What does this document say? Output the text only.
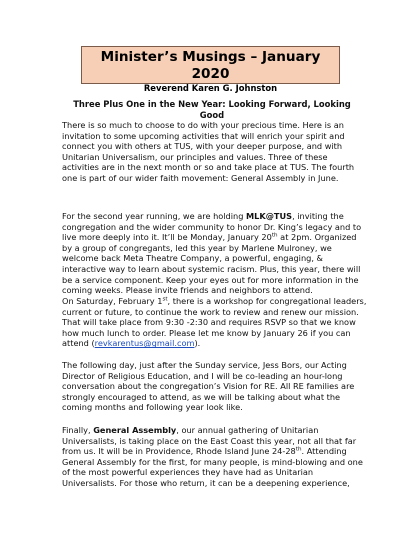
Minister’s Musings – January 2020
Reverend Karen G. Johnston
Three Plus One in the New Year: Looking Forward, Looking Good
There is so much to choose to do with your precious time. Here is an
invitation to some upcoming activities that will enrich your spirit and
connect you with others at TUS, with your deeper purpose, and with
Unitarian Universalism, our principles and values. Three of these
activities are in the next month or so and take place at TUS. The fourth
one is part of our wider faith movement: General Assembly in June.
For the second year running, we are holding MLK@TUS, inviting the
congregation and the wider community to honor Dr. King’s legacy and to
live more deeply into it. It’ll be Monday, January 20th at 2pm. Organized
by a group of congregants, led this year by Marlene Mulroney, we
welcome back Meta Theatre Company, a powerful, engaging, &
interactive way to learn about systemic racism. Plus, this year, there will
be a service component. Keep your eyes out for more information in the
coming weeks. Please invite friends and neighbors to attend.
On Saturday, February 1st, there is a workshop for congregational leaders,
current or future, to continue the work to review and renew our mission.
That will take place from 9:30 -2:30 and requires RSVP so that we know
how much lunch to order. Please let me know by January 26 if you can
attend (revkarentus@gmail.com).
The following day, just after the Sunday service, Jess Bors, our Acting
Director of Religious Education, and I will be co-leading an hour-long
conversation about the congregation’s Vision for RE. All RE families are
strongly encouraged to attend, as we will be talking about what the
coming months and following year look like.
Finally, General Assembly, our annual gathering of Unitarian
Universalists, is taking place on the East Coast this year, not all that far
from us. It will be in Providence, Rhode Island June 24-28th. Attending
General Assembly for the first, for many people, is mind-blowing and one
of the most powerful experiences they have had as Unitarian
Universalists. For those who return, it can be a deepening experience,
